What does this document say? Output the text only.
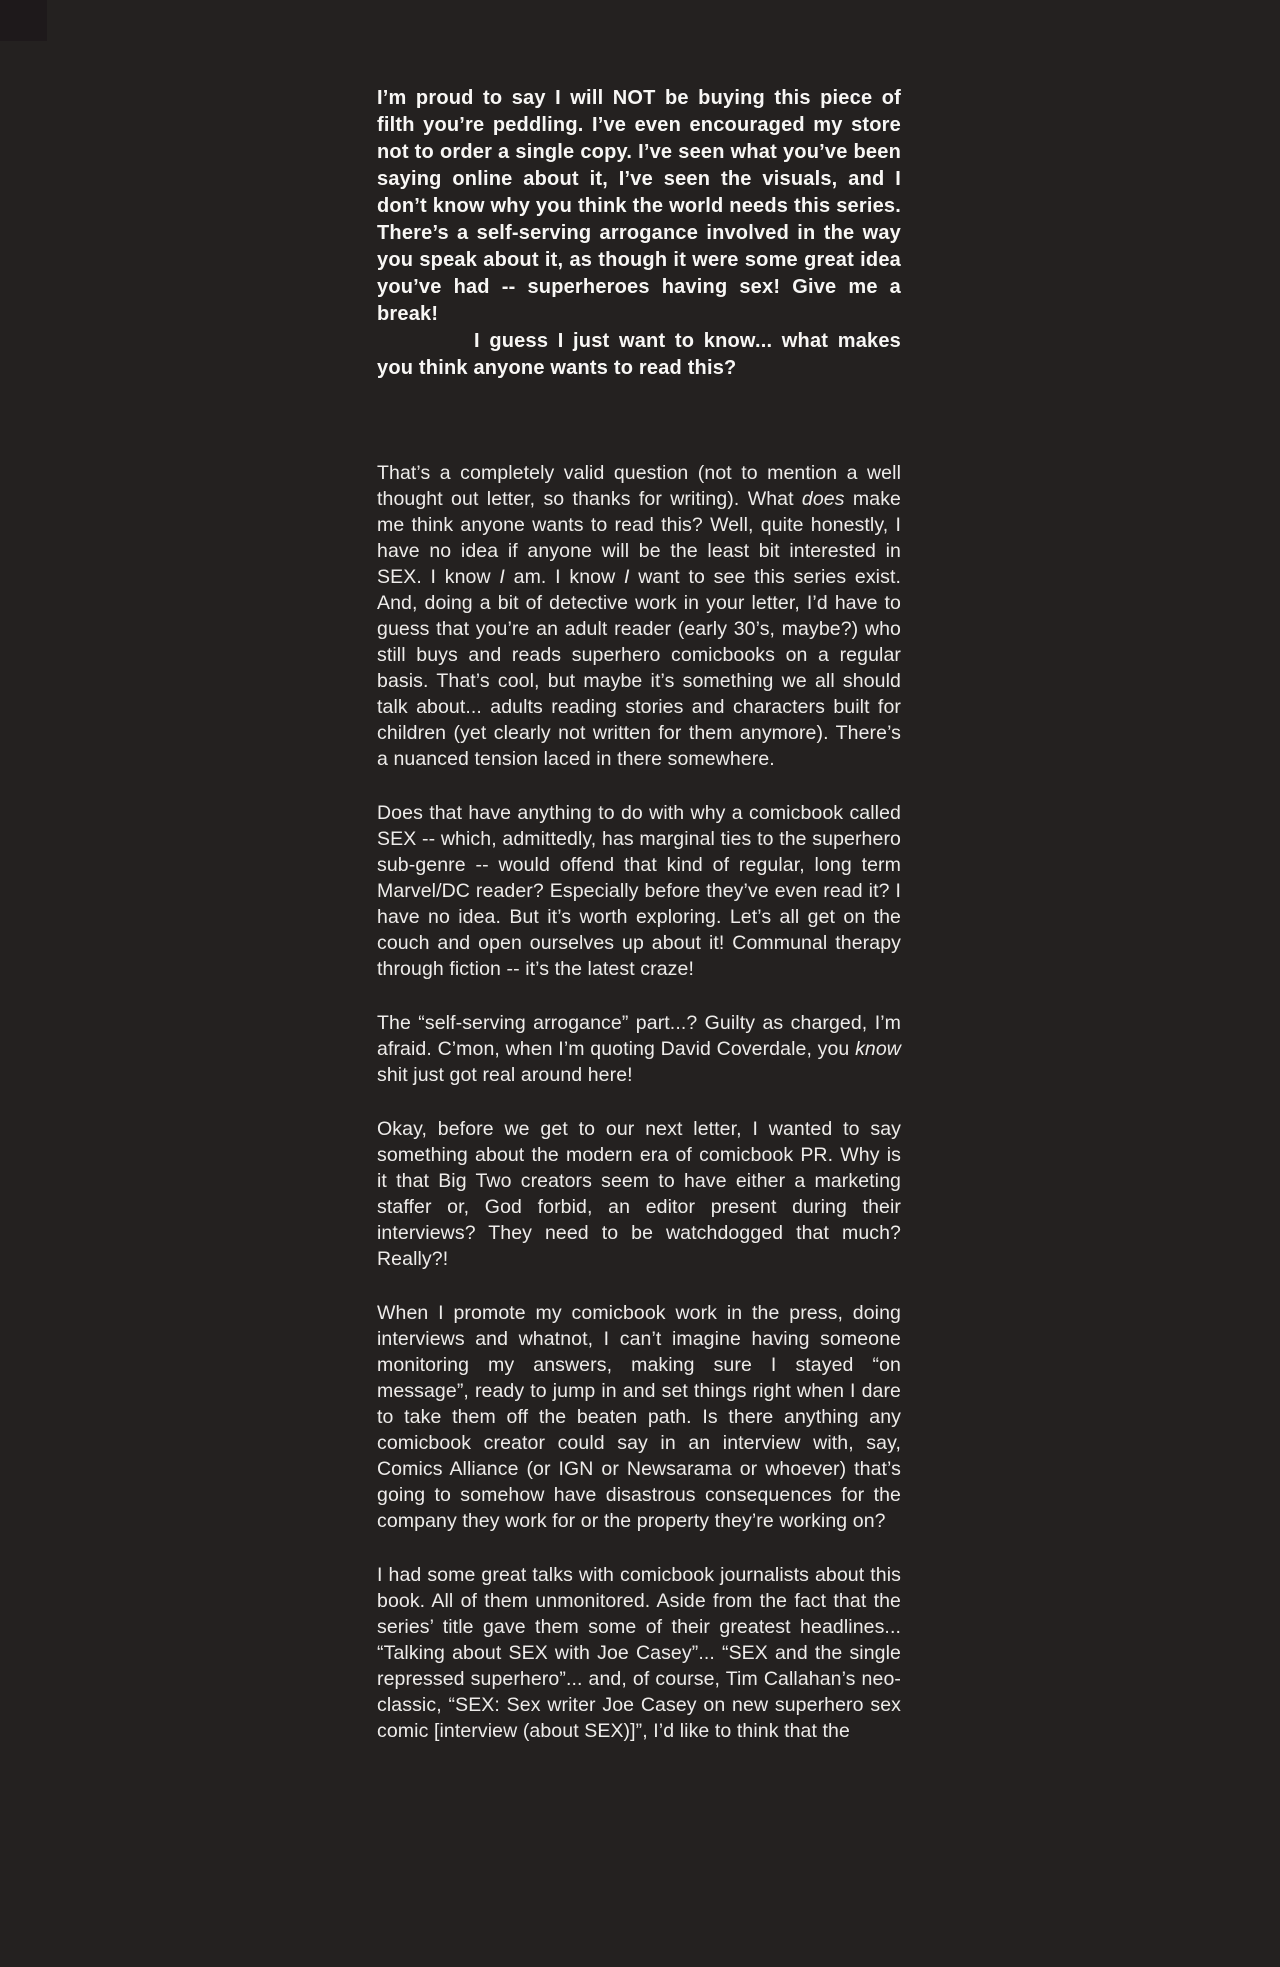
I’m proud to say I will NOT be buying this piece of filth you’re peddling. I’ve even encouraged my store not to order a single copy. I’ve seen what you’ve been saying online about it, I’ve seen the visuals, and I don’t know why you think the world needs this series. There’s a self-serving arrogance involved in the way you speak about it, as though it were some great idea you’ve had -- superheroes having sex! Give me a break!

I guess I just want to know... what makes you think anyone wants to read this?

That’s a completely valid question (not to mention a well thought out letter, so thanks for writing). What does make me think anyone wants to read this? Well, quite honestly, I have no idea if anyone will be the least bit interested in SEX. I know I am. I know I want to see this series exist. And, doing a bit of detective work in your letter, I’d have to guess that you’re an adult reader (early 30’s, maybe?) who still buys and reads superhero comicbooks on a regular basis. That’s cool, but maybe it’s something we all should talk about... adults reading stories and characters built for children (yet clearly not written for them anymore). There’s a nuanced tension laced in there somewhere.

Does that have anything to do with why a comicbook called SEX -- which, admittedly, has marginal ties to the superhero sub-genre -- would offend that kind of regular, long term Marvel/DC reader? Especially before they’ve even read it? I have no idea. But it’s worth exploring. Let’s all get on the couch and open ourselves up about it! Communal therapy through fiction -- it’s the latest craze!

The “self-serving arrogance” part...? Guilty as charged, I’m afraid. C’mon, when I’m quoting David Coverdale, you know shit just got real around here!

Okay, before we get to our next letter, I wanted to say something about the modern era of comicbook PR. Why is it that Big Two creators seem to have either a marketing staffer or, God forbid, an editor present during their interviews? They need to be watchdogged that much? Really?!

When I promote my comicbook work in the press, doing interviews and whatnot, I can’t imagine having someone monitoring my answers, making sure I stayed “on message”, ready to jump in and set things right when I dare to take them off the beaten path. Is there anything any comicbook creator could say in an interview with, say, Comics Alliance (or IGN or Newsarama or whoever) that’s going to somehow have disastrous consequences for the company they work for or the property they’re working on?

I had some great talks with comicbook journalists about this book. All of them unmonitored. Aside from the fact that the series’ title gave them some of their greatest headlines... “Talking about SEX with Joe Casey”... “SEX and the single repressed superhero”... and, of course, Tim Callahan’s neo-classic, “SEX: Sex writer Joe Casey on new superhero sex comic [interview (about SEX)]”, I’d like to think that the
